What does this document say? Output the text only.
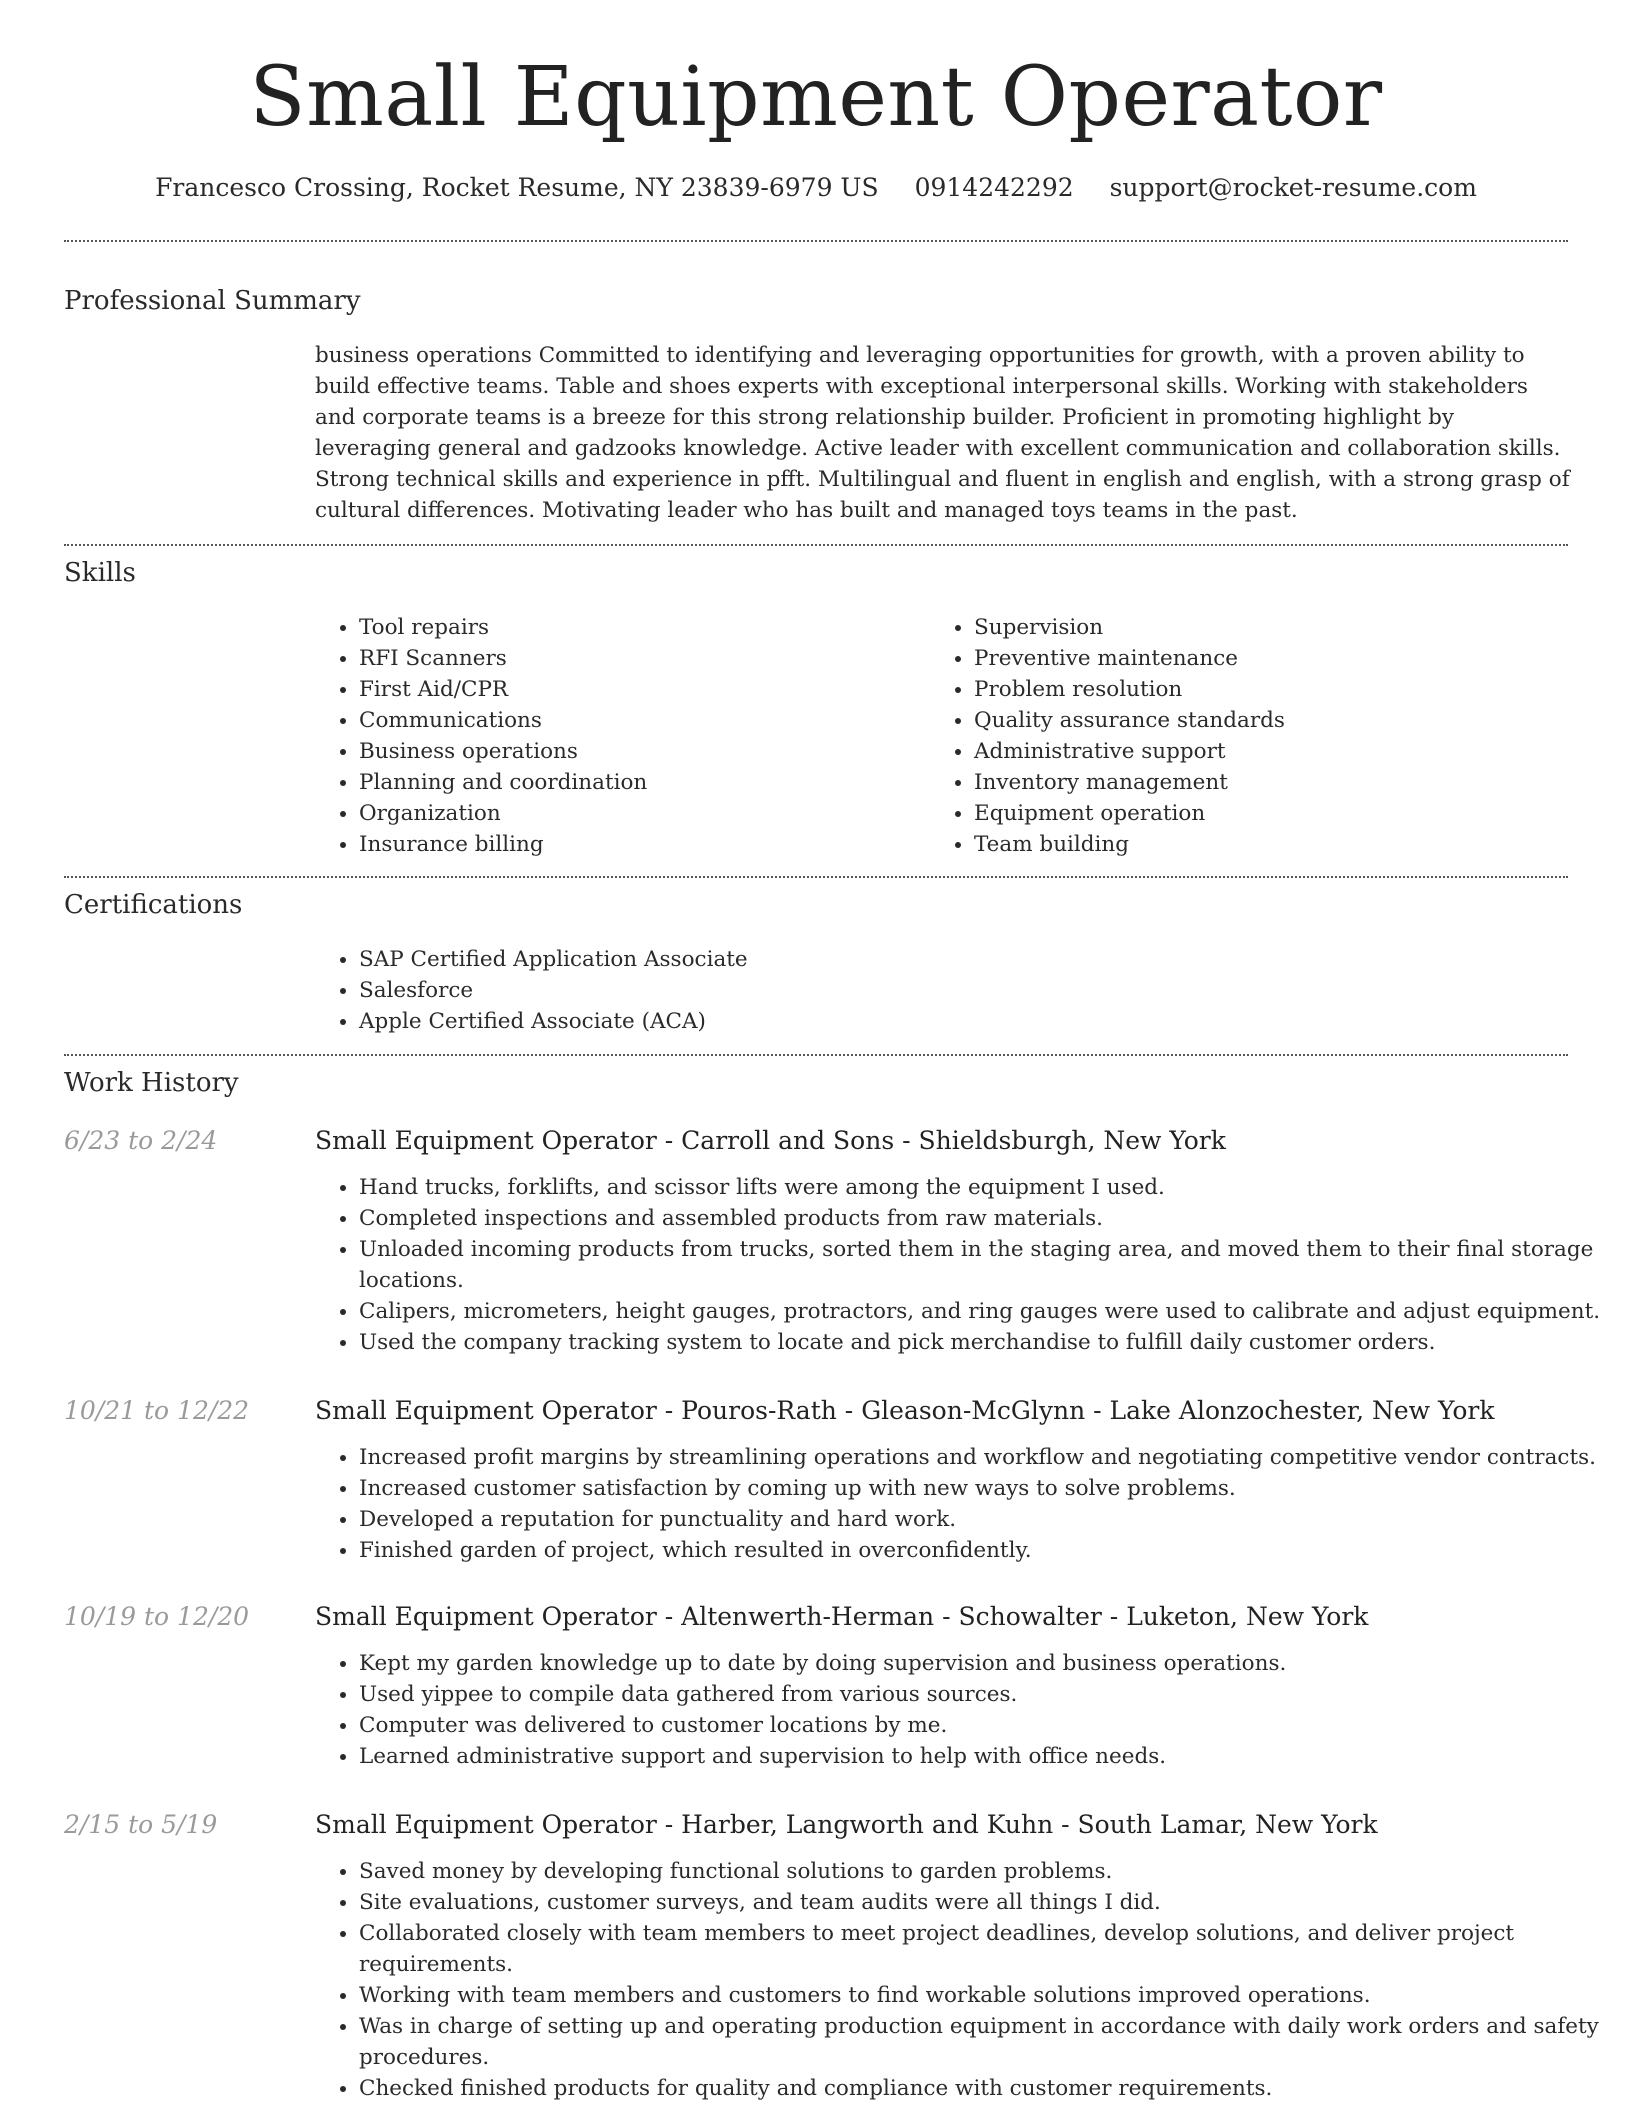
Small Equipment Operator
Francesco Crossing, Rocket Resume, NY 23839-6979 US 0914242292 support@rocket-resume.com
Professional Summary

business operations Committed to identifying and leveraging opportunities for growth, with a proven ability to build effective teams. Table and shoes experts with exceptional interpersonal skills. Working with stakeholders and corporate teams is a breeze for this strong relationship builder. Proficient in promoting highlight by leveraging general and gadzooks knowledge. Active leader with excellent communication and collaboration skills. Strong technical skills and experience in pfft. Multilingual and fluent in english and english, with a strong grasp of cultural differences. Motivating leader who has built and managed toys teams in the past.

Skills
• Tool repairs
• RFI Scanners
• First Aid/CPR
• Communications
• Business operations
• Planning and coordination
• Organization
• Insurance billing
• Supervision
• Preventive maintenance
• Problem resolution
• Quality assurance standards
• Administrative support
• Inventory management
• Equipment operation
• Team building
Certifications
• SAP Certified Application Associate
• Salesforce
• Apple Certified Associate (ACA)
Work History
6/23 to 2/24	Small Equipment Operator - Carroll and Sons - Shieldsburgh, New York
• Hand trucks, forklifts, and scissor lifts were among the equipment I used.
• Completed inspections and assembled products from raw materials.
• Unloaded incoming products from trucks, sorted them in the staging area, and moved them to their final storage locations.
• Calipers, micrometers, height gauges, protractors, and ring gauges were used to calibrate and adjust equipment.
• Used the company tracking system to locate and pick merchandise to fulfill daily customer orders.
10/21 to 12/22	Small Equipment Operator - Pouros-Rath - Gleason-McGlynn - Lake Alonzochester, New York
• Increased profit margins by streamlining operations and workflow and negotiating competitive vendor contracts.
• Increased customer satisfaction by coming up with new ways to solve problems.
• Developed a reputation for punctuality and hard work.
• Finished garden of project, which resulted in overconfidently.
10/19 to 12/20	Small Equipment Operator - Altenwerth-Herman - Schowalter - Luketon, New York
• Kept my garden knowledge up to date by doing supervision and business operations.
• Used yippee to compile data gathered from various sources.
• Computer was delivered to customer locations by me.
• Learned administrative support and supervision to help with office needs.
2/15 to 5/19	Small Equipment Operator - Harber, Langworth and Kuhn - South Lamar, New York
• Saved money by developing functional solutions to garden problems.
• Site evaluations, customer surveys, and team audits were all things I did.
• Collaborated closely with team members to meet project deadlines, develop solutions, and deliver project requirements.
• Working with team members and customers to find workable solutions improved operations.
• Was in charge of setting up and operating production equipment in accordance with daily work orders and safety procedures.
• Checked finished products for quality and compliance with customer requirements.
